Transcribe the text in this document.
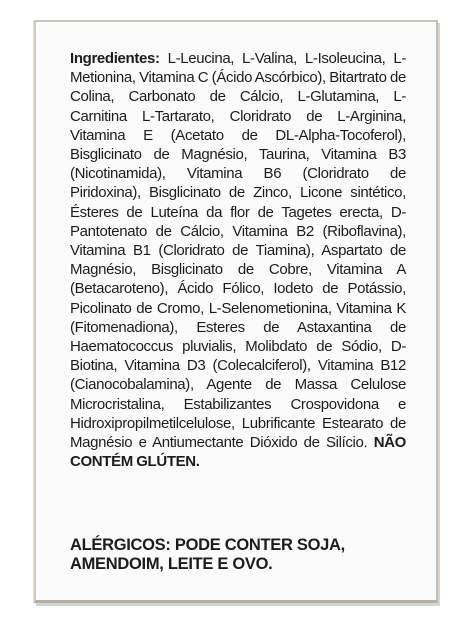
Ingredientes: L-Leucina, L-Valina, L-Isoleucina, L-Metionina, Vitamina C (Ácido Ascórbico), Bitartrato de Colina, Carbonato de Cálcio, L-Glutamina, L-Carnitina L-Tartarato, Cloridrato de L-Arginina, Vitamina E (Acetato de DL-Alpha-Tocoferol), Bisglicinato de Magnésio, Taurina, Vitamina B3 (Nicotinamida), Vitamina B6 (Cloridrato de Piridoxina), Bisglicinato de Zinco, Licone sintético, Ésteres de Luteína da flor de Tagetes erecta, D-Pantotenato de Cálcio, Vitamina B2 (Riboflavina), Vitamina B1 (Cloridrato de Tiamina), Aspartato de Magnésio, Bisglicinato de Cobre, Vitamina A (Betacaroteno), Ácido Fólico, Iodeto de Potássio, Picolinato de Cromo, L-Selenometionina, Vitamina K (Fitomenadiona), Esteres de Astaxantina de Haematococcus pluvialis, Molibdato de Sódio, D-Biotina, Vitamina D3 (Colecalciferol), Vitamina B12 (Cianocobalamina), Agente de Massa Celulose Microcristalina, Estabilizantes Crospovidona e Hidroxipropilmetilcelulose, Lubrificante Estearato de Magnésio e Antiumectante Dióxido de Silício. NÃO CONTÉM GLÚTEN.

ALÉRGICOS: PODE CONTER SOJA, AMENDOIM, LEITE E OVO.
